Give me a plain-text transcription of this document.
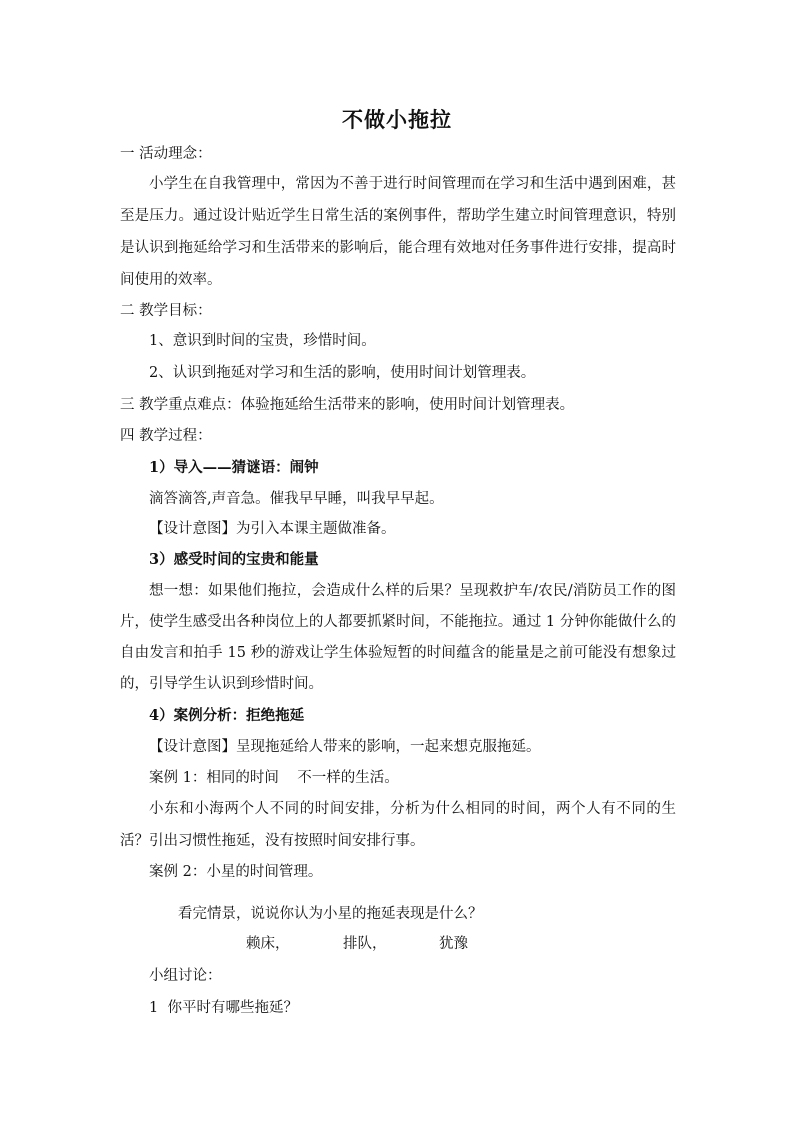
不做小拖拉
一 活动理念：
小学生在自我管理中，常因为不善于进行时间管理而在学习和生活中遇到困难，甚至是压力。通过设计贴近学生日常生活的案例事件，帮助学生建立时间管理意识，特别是认识到拖延给学习和生活带来的影响后，能合理有效地对任务事件进行安排，提高时间使用的效率。
二 教学目标：
1、意识到时间的宝贵，珍惜时间。
2、认识到拖延对学习和生活的影响，使用时间计划管理表。
三 教学重点难点：体验拖延给生活带来的影响，使用时间计划管理表。
四 教学过程：
1）导入——猜谜语：闹钟
滴答滴答,声音急。催我早早睡，叫我早早起。
【设计意图】为引入本课主题做准备。
3）感受时间的宝贵和能量
想一想：如果他们拖拉，会造成什么样的后果？呈现救护车/农民/消防员工作的图片，使学生感受出各种岗位上的人都要抓紧时间，不能拖拉。通过 1 分钟你能做什么的自由发言和拍手 15 秒的游戏让学生体验短暂的时间蕴含的能量是之前可能没有想象过的，引导学生认识到珍惜时间。
4）案例分析：拒绝拖延
【设计意图】呈现拖延给人带来的影响，一起来想克服拖延。
案例 1：相同的时间    不一样的生活。
小东和小海两个人不同的时间安排，分析为什么相同的时间，两个人有不同的生活？引出习惯性拖延，没有按照时间安排行事。
案例 2：小星的时间管理。
看完情景，说说你认为小星的拖延表现是什么？
赖床，	排队，	犹豫
小组讨论：
1  你平时有哪些拖延？
